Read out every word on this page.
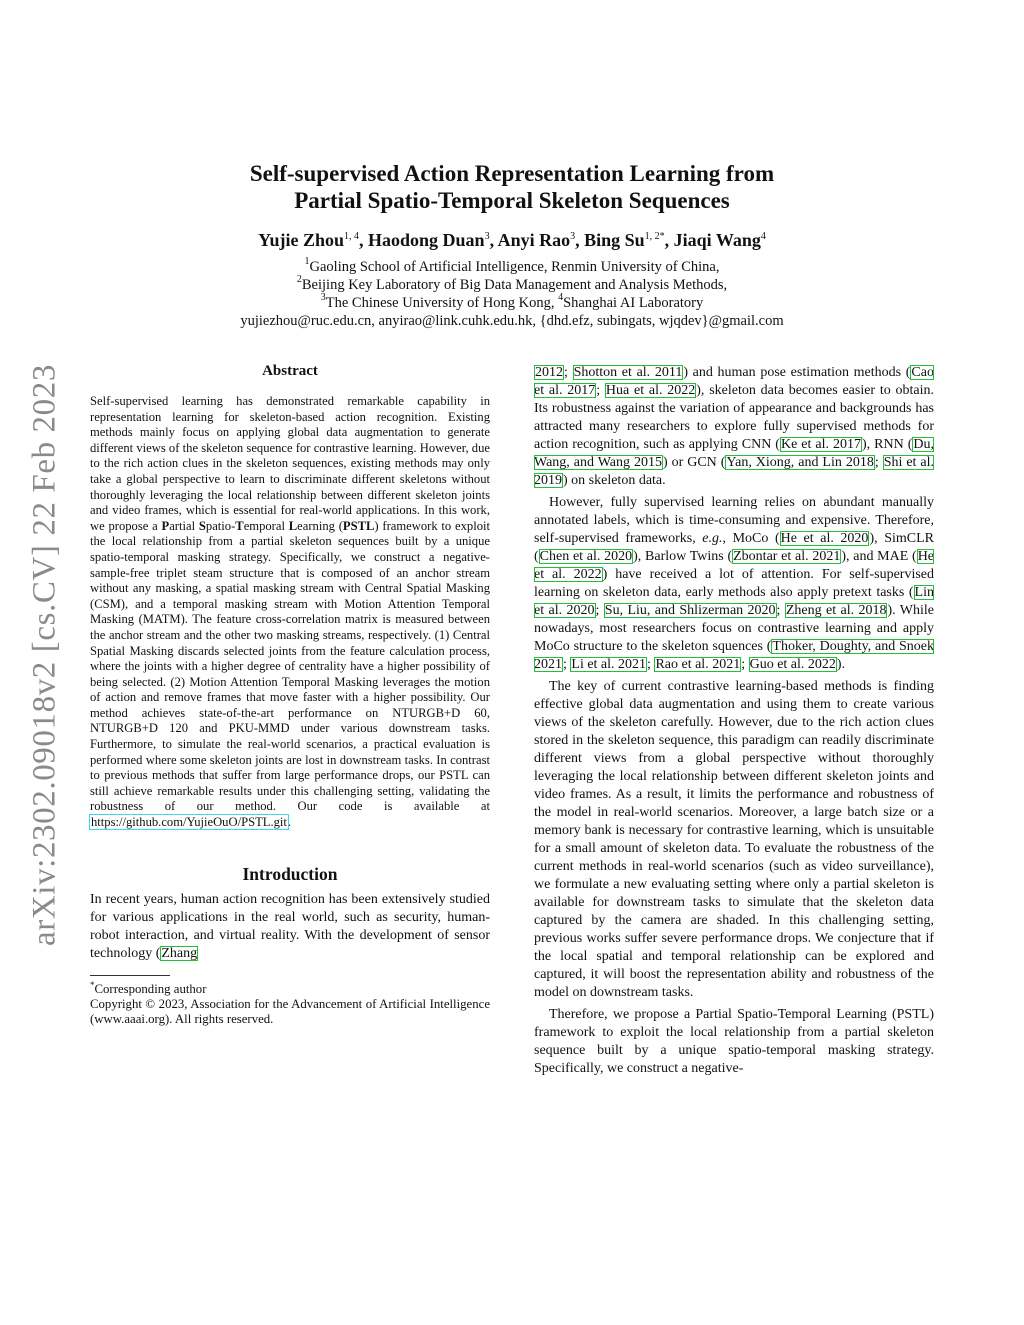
arXiv:2302.09018v2 [cs.CV] 22 Feb 2023
Self-supervised Action Representation Learning from
Partial Spatio-Temporal Skeleton Sequences
Yujie Zhou$^{1, 4}$, Haodong Duan$^3$, Anyi Rao$^3$, Bing $Su^{1, 2*}$, Jiaqi Wang$^4$
$^1$Gaoling School of Artificial Intelligence, Renmin University of China,
$^2$Beijing Key Laboratory of Big Data Management and Analysis Methods,
$^3$The Chinese University of Hong Kong, $^4$Shanghai AI Laboratory
yujiezhou@ruc.edu.cn, anyirao@link.cuhk.edu.hk, {dhd.efz, subingats, wjqdev}@gmail.com
Abstract

Self-supervised learning has demonstrated remarkable capability in representation learning for skeleton-based action recognition. Existing methods mainly focus on applying global data augmentation to generate different views of the skeleton sequence for contrastive learning. However, due to the rich action clues in the skeleton sequences, existing methods may only take a global perspective to learn to discriminate different skeletons without thoroughly leveraging the local relationship between different skeleton joints and video frames, which is essential for real-world applications. In this work, we propose a Partial Spatio-Temporal Learning (PSTL) framework to exploit the local relationship from a partial skeleton sequences built by a unique spatio-temporal masking strategy. Specifically, we construct a negative-sample-free triplet steam structure that is composed of an anchor stream without any masking, a spatial masking stream with Central Spatial Masking (CSM), and a temporal masking stream with Motion Attention Temporal Masking (MATM). The feature cross-correlation matrix is measured between the anchor stream and the other two masking streams, respectively. (1) Central Spatial Masking discards selected joints from the feature calculation process, where the joints with a higher degree of centrality have a higher possibility of being selected. (2) Motion Attention Temporal Masking leverages the motion of action and remove frames that move faster with a higher possibility. Our method achieves state-of-the-art performance on NTURGB+D 60, NTURGB+D 120 and PKU-MMD under various downstream tasks. Furthermore, to simulate the real-world scenarios, a practical evaluation is performed where some skeleton joints are lost in downstream tasks. In contrast to previous methods that suffer from large performance drops, our PSTL can still achieve remarkable results under this challenging setting, validating the robustness of our method. Our code is available at https://github.com/YujieOuO/PSTL.git.

Introduction

In recent years, human action recognition has been extensively studied for various applications in the real world, such as security, human-robot interaction, and virtual reality. With the development of sensor technology (Zhang

*Corresponding author

Copyright © 2023, Association for the Advancement of Artificial Intelligence (www.aaai.org). All rights reserved.

2012; Shotton et al. 2011) and human pose estimation methods (Cao et al. 2017; Hua et al. 2022), skeleton data becomes easier to obtain. Its robustness against the variation of appearance and backgrounds has attracted many researchers to explore fully supervised methods for action recognition, such as applying CNN (Ke et al. 2017), RNN (Du, Wang, and Wang 2015) or GCN (Yan, Xiong, and Lin 2018; Shi et al. 2019) on skeleton data.

However, fully supervised learning relies on abundant manually annotated labels, which is time-consuming and expensive. Therefore, self-supervised frameworks, e.g., MoCo (He et al. 2020), SimCLR (Chen et al. 2020), Barlow Twins (Zbontar et al. 2021), and MAE (He et al. 2022) have received a lot of attention. For self-supervised learning on skeleton data, early methods also apply pretext tasks (Lin et al. 2020; Su, Liu, and Shlizerman 2020; Zheng et al. 2018). While nowadays, most researchers focus on contrastive learning and apply MoCo structure to the skeleton squences (Thoker, Doughty, and Snoek 2021; Li et al. 2021; Rao et al. 2021; Guo et al. 2022).

The key of current contrastive learning-based methods is finding effective global data augmentation and using them to create various views of the skeleton carefully. However, due to the rich action clues stored in the skeleton sequence, this paradigm can readily discriminate different views from a global perspective without thoroughly leveraging the local relationship between different skeleton joints and video frames. As a result, it limits the performance and robustness of the model in real-world scenarios. Moreover, a large batch size or a memory bank is necessary for contrastive learning, which is unsuitable for a small amount of skeleton data. To evaluate the robustness of the current methods in real-world scenarios (such as video surveillance), we formulate a new evaluating setting where only a partial skeleton is available for downstream tasks to simulate that the skeleton data captured by the camera are shaded. In this challenging setting, previous works suffer severe performance drops. We conjecture that if the local spatial and temporal relationship can be explored and captured, it will boost the representation ability and robustness of the model on downstream tasks.

Therefore, we propose a Partial Spatio-Temporal Learning (PSTL) framework to exploit the local relationship from a partial skeleton sequence built by a unique spatio-temporal masking strategy. Specifically, we construct a negative-
